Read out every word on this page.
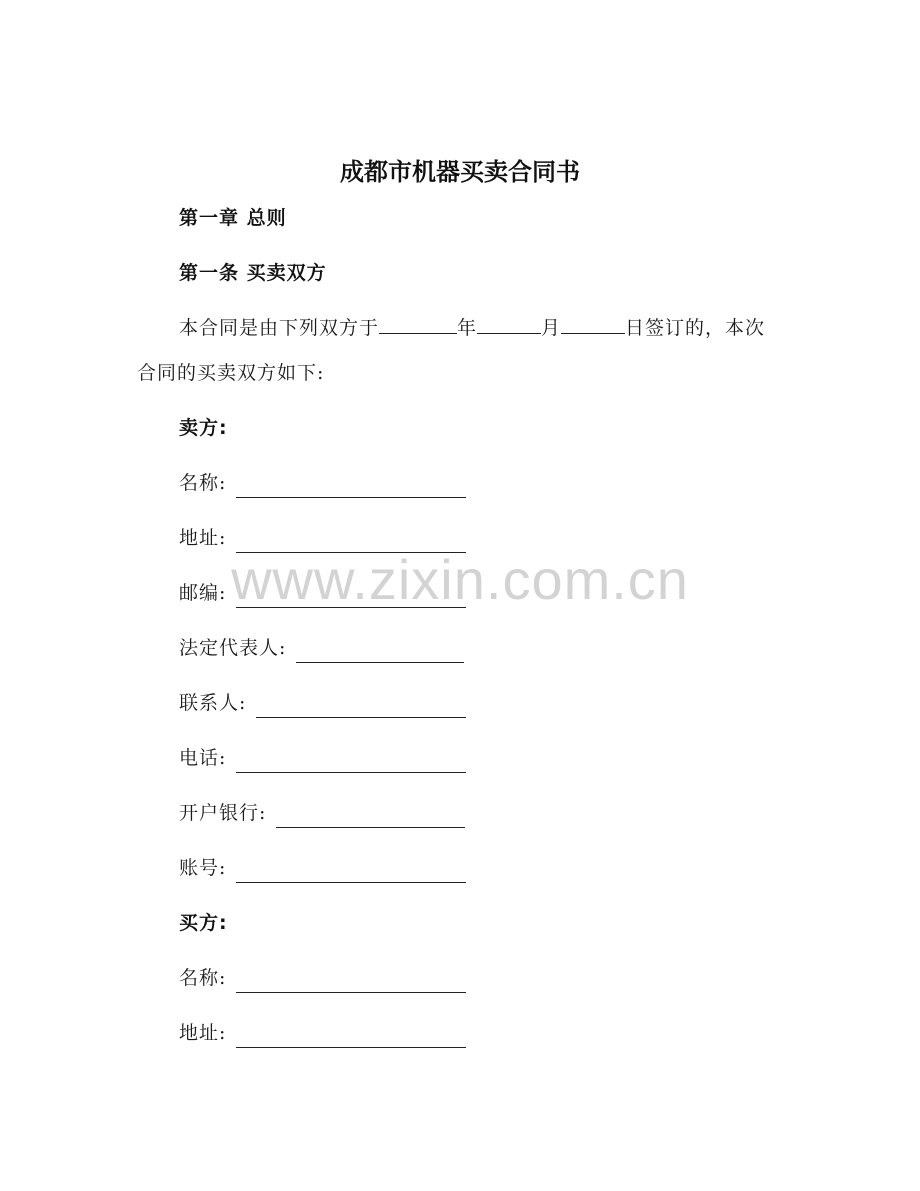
成都市机器买卖合同书
第一章 总则
第一条 买卖双方
本合同是由下列双方于	年	月	日签订的，本次
合同的买卖双方如下:
卖方:
名称:
地址:
邮编:
法定代表人:
联系人:
电话:
开户银行:
账号:
买方:
名称:
地址:
www.zixin.com.cn
